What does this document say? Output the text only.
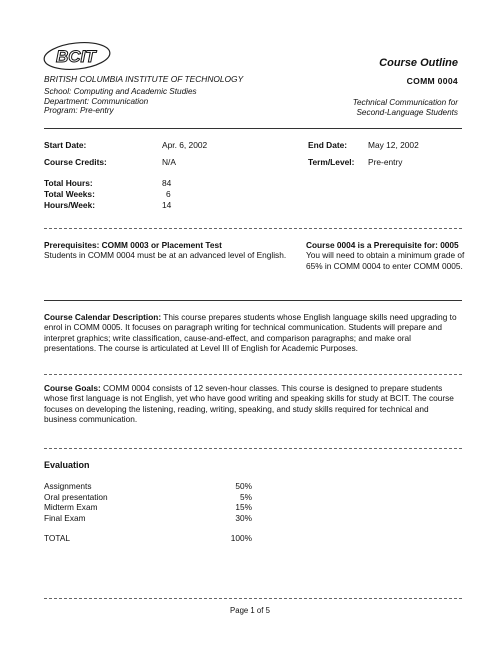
BCIT
BRITISH COLUMBIA INSTITUTE OF TECHNOLOGY
School: Computing and Academic Studies
Department: Communication
Program: Pre-entry
Course Outline
COMM 0004
Technical Communication for
Second-Language Students
Start Date:	Apr. 6, 2002	End Date: May 12, 2002
Course Credits:	N/A	Term/Level: Pre-entry
Total Hours:	84
Total Weeks:	6
Hours/Week:	14
Prerequisites: COMM 0003 or Placement Test
Students in COMM 0004 must be at an advanced level of English.
Course 0004 is a Prerequisite for: 0005
You will need to obtain a minimum grade of 65% in COMM 0004 to enter COMM 0005.
Course Calendar Description: This course prepares students whose English language skills need upgrading to enrol in COMM 0005. It focuses on paragraph writing for technical communication. Students will prepare and interpret graphics; write classification, cause-and-effect, and comparison paragraphs; and make oral presentations. The course is articulated at Level III of English for Academic Purposes.
Course Goals: COMM 0004 consists of 12 seven-hour classes. This course is designed to prepare students whose first language is not English, yet who have good writing and speaking skills for study at BCIT. The course focuses on developing the listening, reading, writing, speaking, and study skills required for technical and business communication.
Evaluation
Assignments	50%
Oral presentation	5%
Midterm Exam	15%
Final Exam	30%
TOTAL	100%
Page 1 of 5
